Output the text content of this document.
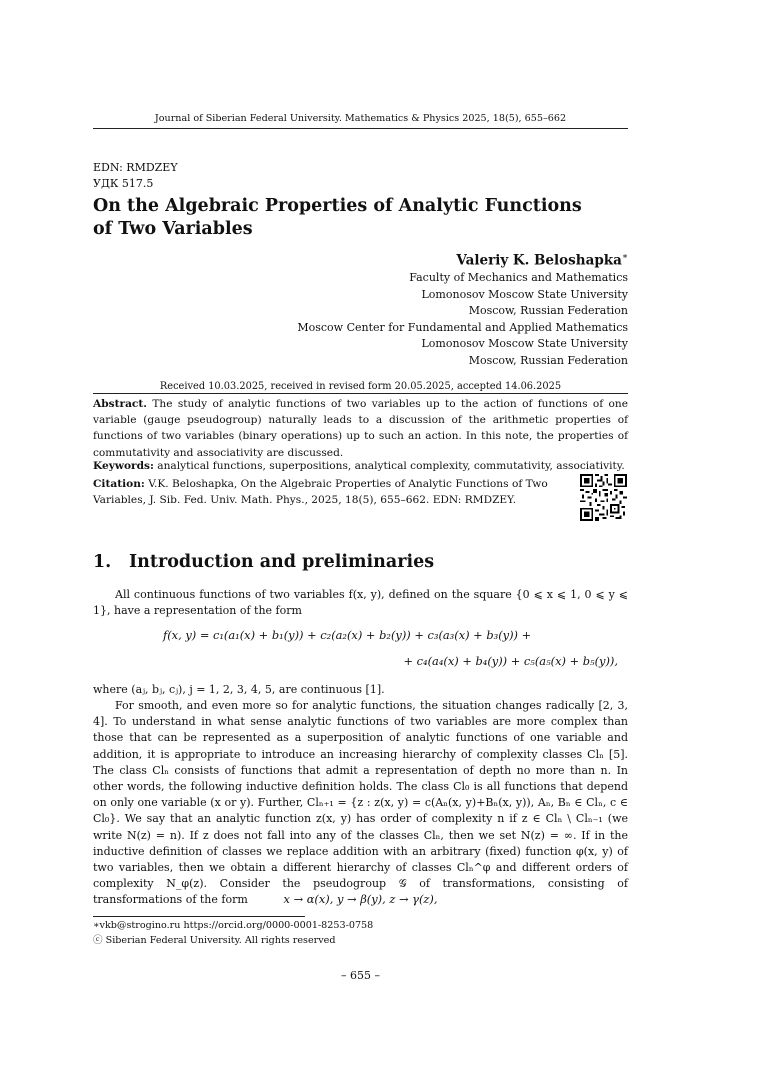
Journal of Siberian Federal University. Mathematics & Physics 2025, 18(5), 655–662
EDN: RMDZEY
УДК 517.5
On the Algebraic Properties of Analytic Functions
of Two Variables
Valeriy K. Beloshapka∗
Faculty of Mechanics and Mathematics
Lomonosov Moscow State University
Moscow, Russian Federation
Moscow Center for Fundamental and Applied Mathematics
Lomonosov Moscow State University
Moscow, Russian Federation
Received 10.03.2025, received in revised form 20.05.2025, accepted 14.06.2025
Abstract. The study of analytic functions of two variables up to the action of functions of one variable (gauge pseudogroup) naturally leads to a discussion of the arithmetic properties of functions of two variables (binary operations) up to such an action. In this note, the properties of commutativity and associativity are discussed.
Keywords: analytical functions, superpositions, analytical complexity, commutativity, associativity.
Citation: V.K. Beloshapka, On the Algebraic Properties of Analytic Functions of Two Variables, J. Sib. Fed. Univ. Math. Phys., 2025, 18(5), 655–662. EDN: RMDZEY.
1. Introduction and preliminaries
All continuous functions of two variables f(x, y), defined on the square {0 ⩽ x ⩽ 1, 0 ⩽ y ⩽ 1}, have a representation of the form
f(x, y) = c₁(a₁(x) + b₁(y)) + c₂(a₂(x) + b₂(y)) + c₃(a₃(x) + b₃(y)) +
+ c₄(a₄(x) + b₄(y)) + c₅(a₅(x) + b₅(y)),
where (aⱼ, bⱼ, cⱼ), j = 1, 2, 3, 4, 5, are continuous [1].
For smooth, and even more so for analytic functions, the situation changes radically [2, 3, 4]. To understand in what sense analytic functions of two variables are more complex than those that can be represented as a superposition of analytic functions of one variable and addition, it is appropriate to introduce an increasing hierarchy of complexity classes Clₙ [5]. The class Clₙ consists of functions that admit a representation of depth no more than n. In other words, the following inductive definition holds. The class Cl₀ is all functions that depend on only one variable (x or y). Further, Clₙ₊₁ = {z : z(x, y) = c(Aₙ(x, y)+Bₙ(x, y)), Aₙ, Bₙ ∈ Clₙ, c ∈ Cl₀}. We say that an analytic function z(x, y) has order of complexity n if z ∈ Clₙ \ Clₙ₋₁ (we write N(z) = n). If z does not fall into any of the classes Clₙ, then we set N(z) = ∞. If in the inductive definition of classes we replace addition with an arbitrary (fixed) function φ(x, y) of two variables, then we obtain a different hierarchy of classes Clₙ^φ and different orders of complexity N_φ(z). Consider the pseudogroup 𝒢 of transformations, consisting of transformations of the form	x → α(x), y → β(y), z → γ(z),
∗vkb@strogino.ru https://orcid.org/0000-0001-8253-0758
ⓒ Siberian Federal University. All rights reserved
– 655 –
